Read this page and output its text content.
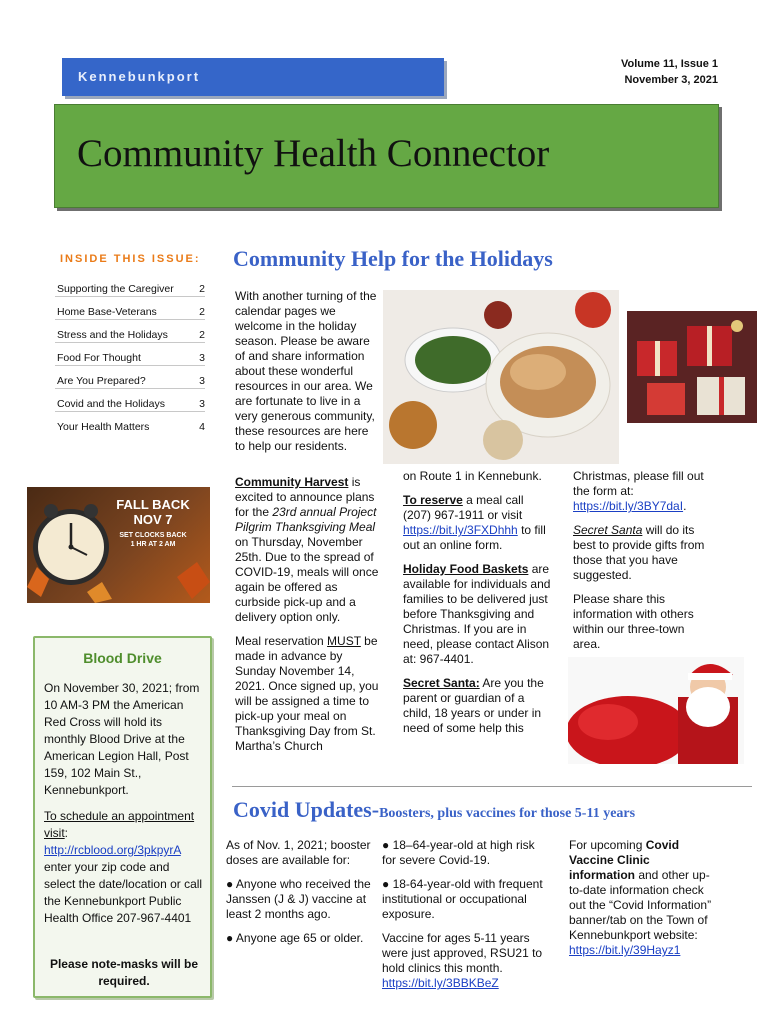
Volume 11, Issue 1
November 3, 2021
Kennebunkport
Community Health Connector
INSIDE THIS ISSUE:
Supporting the Caregiver 2
Home Base-Veterans	2
Stress and the Holidays	2
Food For Thought	3
Are You Prepared?	3
Covid and the Holidays	3
Your Health Matters	4
FALL BACK
NOV 7
SET CLOCKS BACK
1 HR AT 2 AM
Blood Drive
On November 30, 2021; from 10 AM-3 PM the American Red Cross will hold its monthly Blood Drive at the American Legion Hall, Post 159, 102 Main St., Kennebunkport.
To schedule an appointment visit: http://rcblood.org/3pkpyrA enter your zip code and select the date/location or call the Kennebunkport Public Health Office 207-967-4401
Please note-masks will be required.
Community Help for the Holidays

With another turning of the calendar pages we welcome in the holiday season. Please be aware of and share information about these wonderful resources in our area. We are fortunate to live in a very generous community, these resources are here to help our residents.

Community Harvest is excited to announce plans for the 23rd annual Project Pilgrim Thanksgiving Meal on Thursday, November 25th. Due to the spread of COVID-19, meals will once again be offered as curbside pick-up and a delivery option only.

Meal reservation MUST be made in advance by Sunday November 14, 2021. Once signed up, you will be assigned a time to pick-up your meal on Thanksgiving Day from St. Martha’s Church

on Route 1 in Kennebunk.

To reserve a meal call (207) 967-1911 or visit https://bit.ly/3FXDhhh to fill out an online form.

Holiday Food Baskets are available for individuals and families to be delivered just before Thanksgiving and Christmas. If you are in need, please contact Alison at: 967-4401.

Secret Santa: Are you the parent or guardian of a child, 18 years or under in need of some help this

Christmas, please fill out the form at: https://bit.ly/3BY7daI.

Secret Santa will do its best to provide gifts from those that you have suggested.

Please share this information with others within our three-town area.

Covid Updates-Boosters, plus vaccines for those 5-11 years

As of Nov. 1, 2021; booster doses are available for:

● Anyone who received the Janssen (J & J) vaccine at least 2 months ago.

● Anyone age 65 or older.

● 18–64-year-old at high risk for severe Covid-19.

● 18-64-year-old with frequent institutional or occupational exposure.

Vaccine for ages 5-11 years were just approved, RSU21 to hold clinics this month. https://bit.ly/3BBKBeZ

For upcoming Covid Vaccine Clinic information and other up-to-date information check out the “Covid Information” banner/tab on the Town of Kennebunkport website: https://bit.ly/39Hayz1
